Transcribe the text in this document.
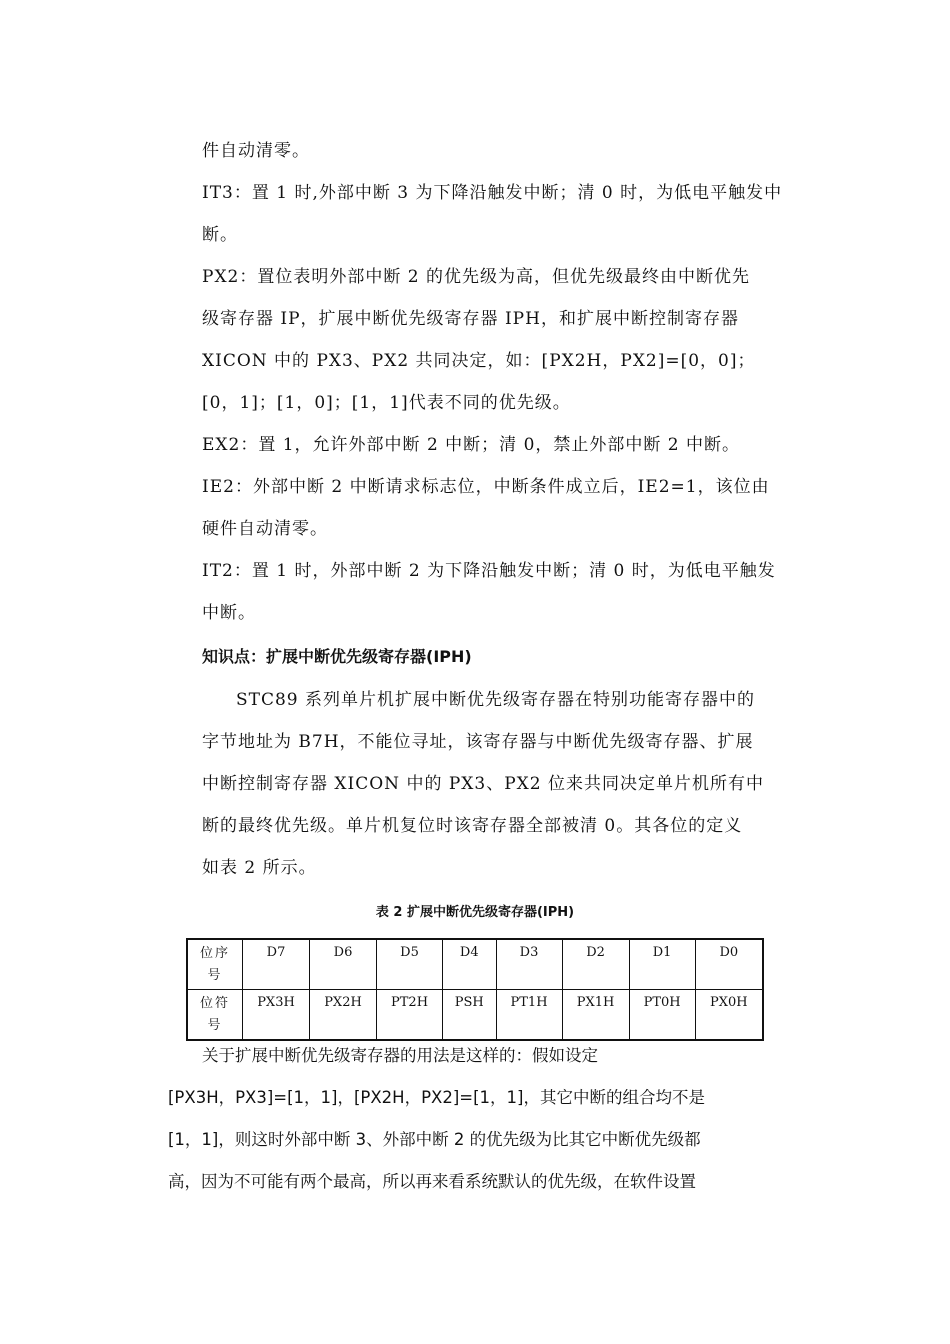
件自动清零。
IT3：置 1 时,外部中断 3 为下降沿触发中断；清 0 时，为低电平触发中
断。
PX2：置位表明外部中断 2 的优先级为高，但优先级最终由中断优先
级寄存器 IP，扩展中断优先级寄存器 IPH，和扩展中断控制寄存器
XICON 中的 PX3、PX2 共同决定，如：[PX2H，PX2]=[0，0]；
[0，1]；[1，0]；[1，1]代表不同的优先级。
EX2：置 1，允许外部中断 2 中断；清 0，禁止外部中断 2 中断。
IE2：外部中断 2 中断请求标志位，中断条件成立后，IE2=1，该位由
硬件自动清零。
IT2：置 1 时，外部中断 2 为下降沿触发中断；清 0 时，为低电平触发
中断。
知识点：扩展中断优先级寄存器(IPH)
STC89 系列单片机扩展中断优先级寄存器在特别功能寄存器中的
字节地址为 B7H，不能位寻址，该寄存器与中断优先级寄存器、扩展
中断控制寄存器 XICON 中的 PX3、PX2 位来共同决定单片机所有中
断的最终优先级。单片机复位时该寄存器全部被清 0。其各位的定义
如表 2 所示。
表 2 扩展中断优先级寄存器(IPH)
位序
号	D7	D6	D5	D4	D3	D2	D1	D0
位符
号	PX3H	PX2H	PT2H	PSH	PT1H	PX1H	PT0H	PX0H
关于扩展中断优先级寄存器的用法是这样的：假如设定
[PX3H，PX3]=[1，1]，[PX2H，PX2]=[1，1]，其它中断的组合均不是
[1，1]，则这时外部中断 3、外部中断 2 的优先级为比其它中断优先级都
高，因为不可能有两个最高，所以再来看系统默认的优先级，在软件设置
